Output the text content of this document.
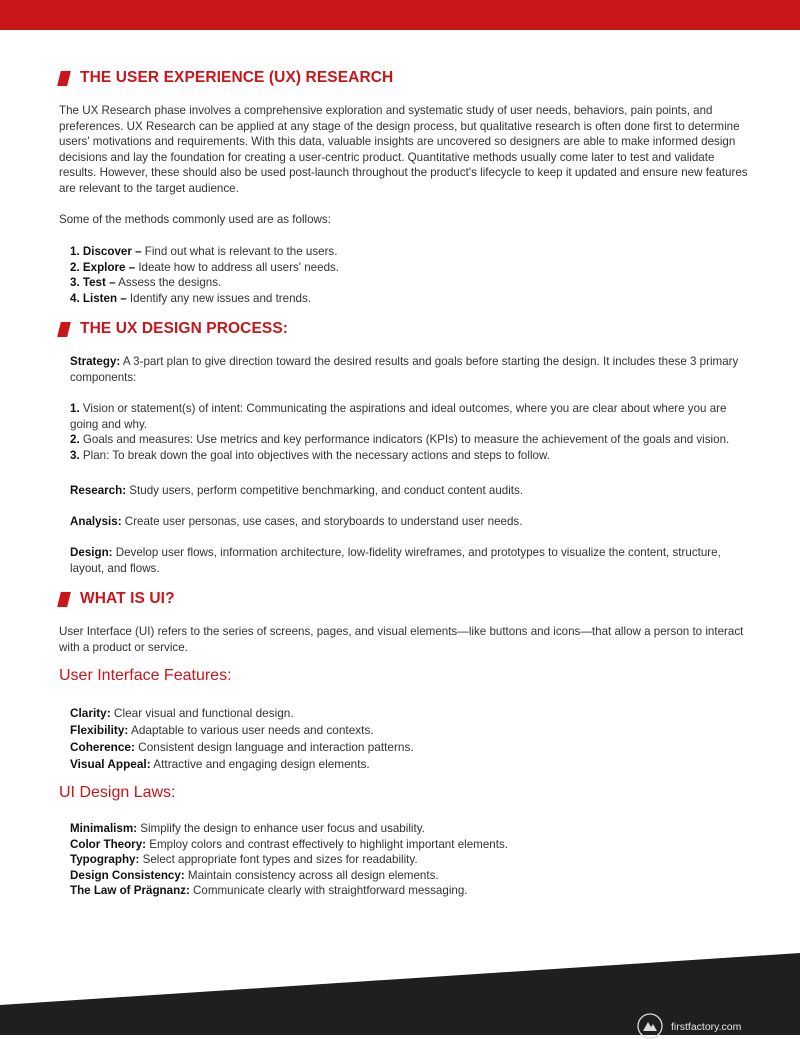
THE USER EXPERIENCE (UX) RESEARCH
The UX Research phase involves a comprehensive exploration and systematic study of user needs, behaviors, pain points, and preferences. UX Research can be applied at any stage of the design process, but qualitative research is often done first to determine users' motivations and requirements. With this data, valuable insights are uncovered so designers are able to make informed design decisions and lay the foundation for creating a user-centric product. Quantitative methods usually come later to test and validate results. However, these should also be used post-launch throughout the product's lifecycle to keep it updated and ensure new features are relevant to the target audience.
Some of the methods commonly used are as follows:
1. Discover – Find out what is relevant to the users.
2. Explore – Ideate how to address all users' needs.
3. Test – Assess the designs.
4. Listen – Identify any new issues and trends.
THE UX DESIGN PROCESS:
Strategy: A 3-part plan to give direction toward the desired results and goals before starting the design. It includes these 3 primary components:
1. Vision or statement(s) of intent: Communicating the aspirations and ideal outcomes, where you are clear about where you are going and why.
2. Goals and measures: Use metrics and key performance indicators (KPIs) to measure the achievement of the goals and vision.
3. Plan: To break down the goal into objectives with the necessary actions and steps to follow.
Research: Study users, perform competitive benchmarking, and conduct content audits.
Analysis: Create user personas, use cases, and storyboards to understand user needs.
Design: Develop user flows, information architecture, low-fidelity wireframes, and prototypes to visualize the content, structure, layout, and flows.
WHAT IS UI?
User Interface (UI) refers to the series of screens, pages, and visual elements—like buttons and icons—that allow a person to interact with a product or service.
User Interface Features:
Clarity: Clear visual and functional design.
Flexibility: Adaptable to various user needs and contexts.
Coherence: Consistent design language and interaction patterns.
Visual Appeal: Attractive and engaging design elements.
UI Design Laws:
Minimalism: Simplify the design to enhance user focus and usability.
Color Theory: Employ colors and contrast effectively to highlight important elements.
Typography: Select appropriate font types and sizes for readability.
Design Consistency: Maintain consistency across all design elements.
The Law of Prägnanz: Communicate clearly with straightforward messaging.
firstfactory.com
